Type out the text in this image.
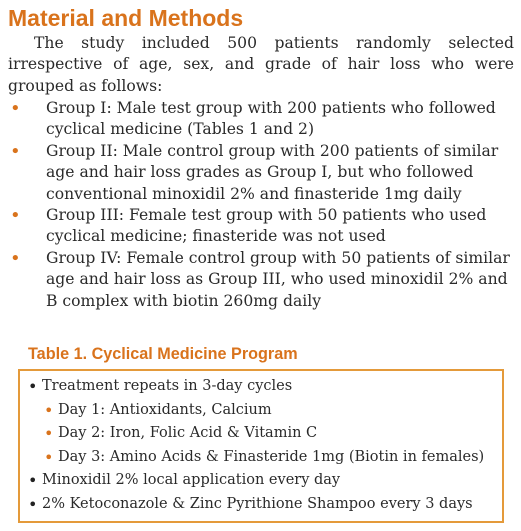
Material and Methods

The study included 500 patients randomly selected irrespective of age, sex, and grade of hair loss who were grouped as follows:

• Group I: Male test group with 200 patients who followed cyclical medicine (Tables 1 and 2)
• Group II: Male control group with 200 patients of similar age and hair loss grades as Group I, but who followed conventional minoxidil 2% and finasteride 1mg daily
• Group III: Female test group with 50 patients who used cyclical medicine; finasteride was not used
• Group IV: Female control group with 50 patients of similar age and hair loss as Group III, who used minoxidil 2% and B complex with biotin 260mg daily
Table 1. Cyclical Medicine Program
• Treatment repeats in 3-day cycles
• Day 1: Antioxidants, Calcium
• Day 2: Iron, Folic Acid & Vitamin C
• Day 3: Amino Acids & Finasteride 1mg (Biotin in females)
• Minoxidil 2% local application every day
• 2% Ketoconazole & Zinc Pyrithione Shampoo every 3 days
